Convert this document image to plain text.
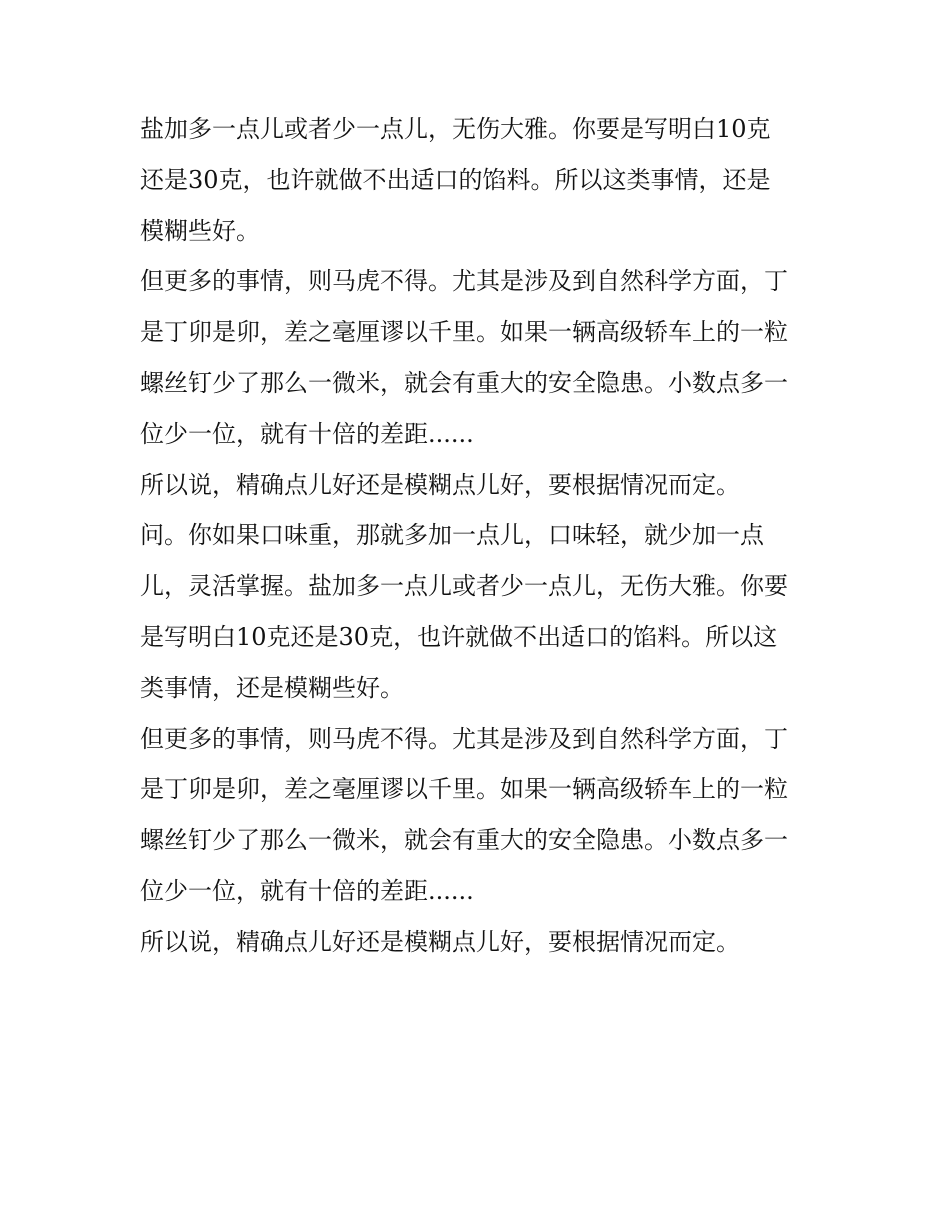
盐加多一点儿或者少一点儿，无伤大雅。你要是写明白10克
还是30克，也许就做不出适口的馅料。所以这类事情，还是
模糊些好。
但更多的事情，则马虎不得。尤其是涉及到自然科学方面，丁
是丁卯是卯，差之毫厘谬以千里。如果一辆高级轿车上的一粒
螺丝钉少了那么一微米，就会有重大的安全隐患。小数点多一
位少一位，就有十倍的差距......
所以说，精确点儿好还是模糊点儿好，要根据情况而定。
问。你如果口味重，那就多加一点儿，口味轻，就少加一点
儿，灵活掌握。盐加多一点儿或者少一点儿，无伤大雅。你要
是写明白10克还是30克，也许就做不出适口的馅料。所以这
类事情，还是模糊些好。
但更多的事情，则马虎不得。尤其是涉及到自然科学方面，丁
是丁卯是卯，差之毫厘谬以千里。如果一辆高级轿车上的一粒
螺丝钉少了那么一微米，就会有重大的安全隐患。小数点多一
位少一位，就有十倍的差距......
所以说，精确点儿好还是模糊点儿好，要根据情况而定。
